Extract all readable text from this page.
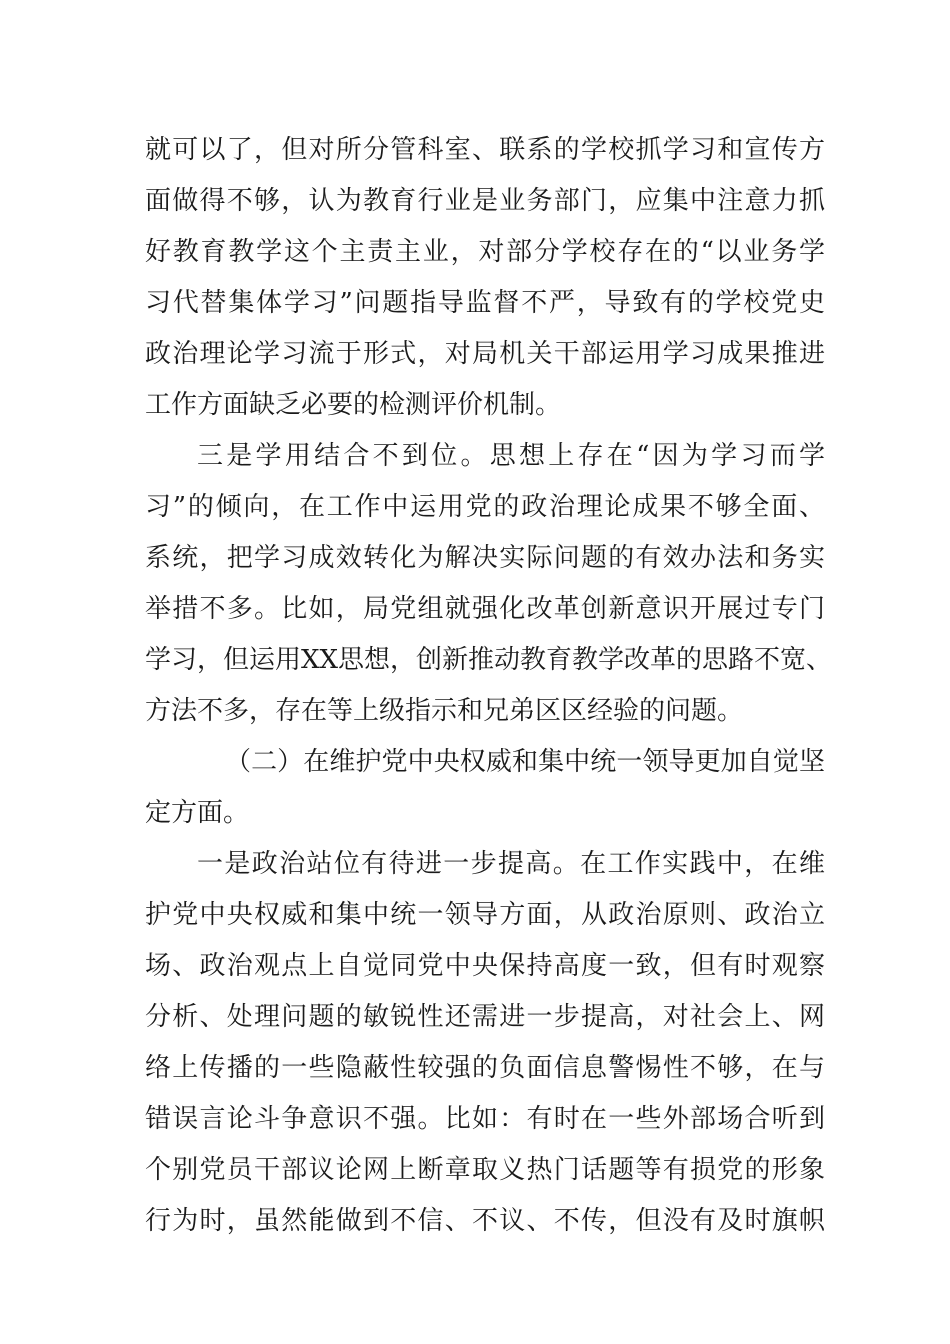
就可以了，但对所分管科室、联系的学校抓学习和宣传方
面做得不够，认为教育行业是业务部门，应集中注意力抓
好教育教学这个主责主业，对部分学校存在的“以业务学
习代替集体学习”问题指导监督不严，导致有的学校党史
政治理论学习流于形式，对局机关干部运用学习成果推进
工作方面缺乏必要的检测评价机制。
三是学用结合不到位。思想上存在“因为学习而学
习”的倾向，在工作中运用党的政治理论成果不够全面、
系统，把学习成效转化为解决实际问题的有效办法和务实
举措不多。比如，局党组就强化改革创新意识开展过专门
学习，但运用XX思想，创新推动教育教学改革的思路不宽、
方法不多，存在等上级指示和兄弟区区经验的问题。
（二）在维护党中央权威和集中统一领导更加自觉坚
定方面。
一是政治站位有待进一步提高。在工作实践中，在维
护党中央权威和集中统一领导方面，从政治原则、政治立
场、政治观点上自觉同党中央保持高度一致，但有时观察
分析、处理问题的敏锐性还需进一步提高，对社会上、网
络上传播的一些隐蔽性较强的负面信息警惕性不够，在与
错误言论斗争意识不强。比如：有时在一些外部场合听到
个别党员干部议论网上断章取义热门话题等有损党的形象
行为时，虽然能做到不信、不议、不传，但没有及时旗帜
